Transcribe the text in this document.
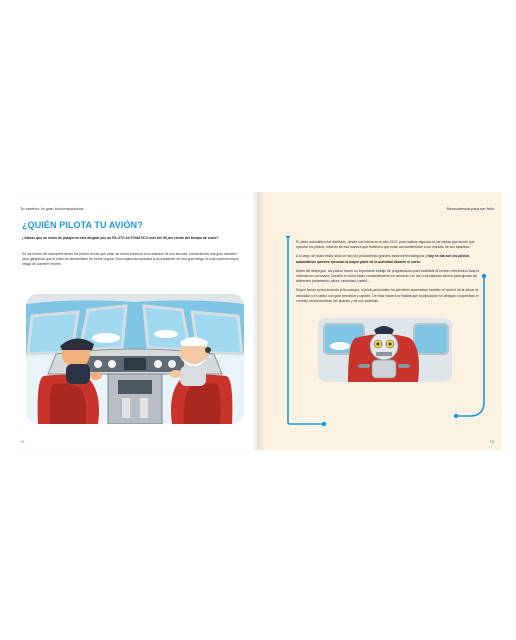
Tu cerebro, la gran biocomputadora
¿QUIÉN PILOTA TU AVIÓN?
¿Sabías que un avión de pasajeros está dirigido por un PILOTO AUTOMÁTICO más del 95 por ciento del tiempo de vuelo?
En los inicios del transporte aéreo los pilotos tenían que estar de forma continua a los mandos de sus aviones, manteniendo una gran atención para garantizar que el vuelo se desarrollase de forma segura. Esa exigencia implicaba la acumulación de una gran fatiga, lo cual suponía mayor riesgo de cometer errores.
14
Neurociencia para ser feliz

El piloto automático fue diseñado, desde sus inicios en el año 1912, para realizar algunas de las tareas que tenían que ejecutar los pilotos, volando de esa manera que hubiesen que estar constantemente a los mandos de sus aparatos.

A lo largo de todos estos años se han ido produciendo grandes avances tecnológicos y hoy en día son los pilotos automáticos quienes ejecutan la mayor parte de la actividad durante el vuelo.

Antes del despegue, los pilotos hacen un importante trabajo de programación para facilitarle al cerebro electrónico toda la información necesaria. Durante el vuelo están constantemente en contacto con los controladores aéreos para ajustar los diferentes parámetros: altura, velocidad, rumbo...

Según ha ido evolucionando la tecnología, el piloto automático ha permitido automatizar también el control de la altura, la velocidad y el rumbo con gran precisión y rapidez. De esta manera se facilita que la tripulación se dedique a supervisar el correcto funcionamiento del aparato y de sus sistemas.

15
